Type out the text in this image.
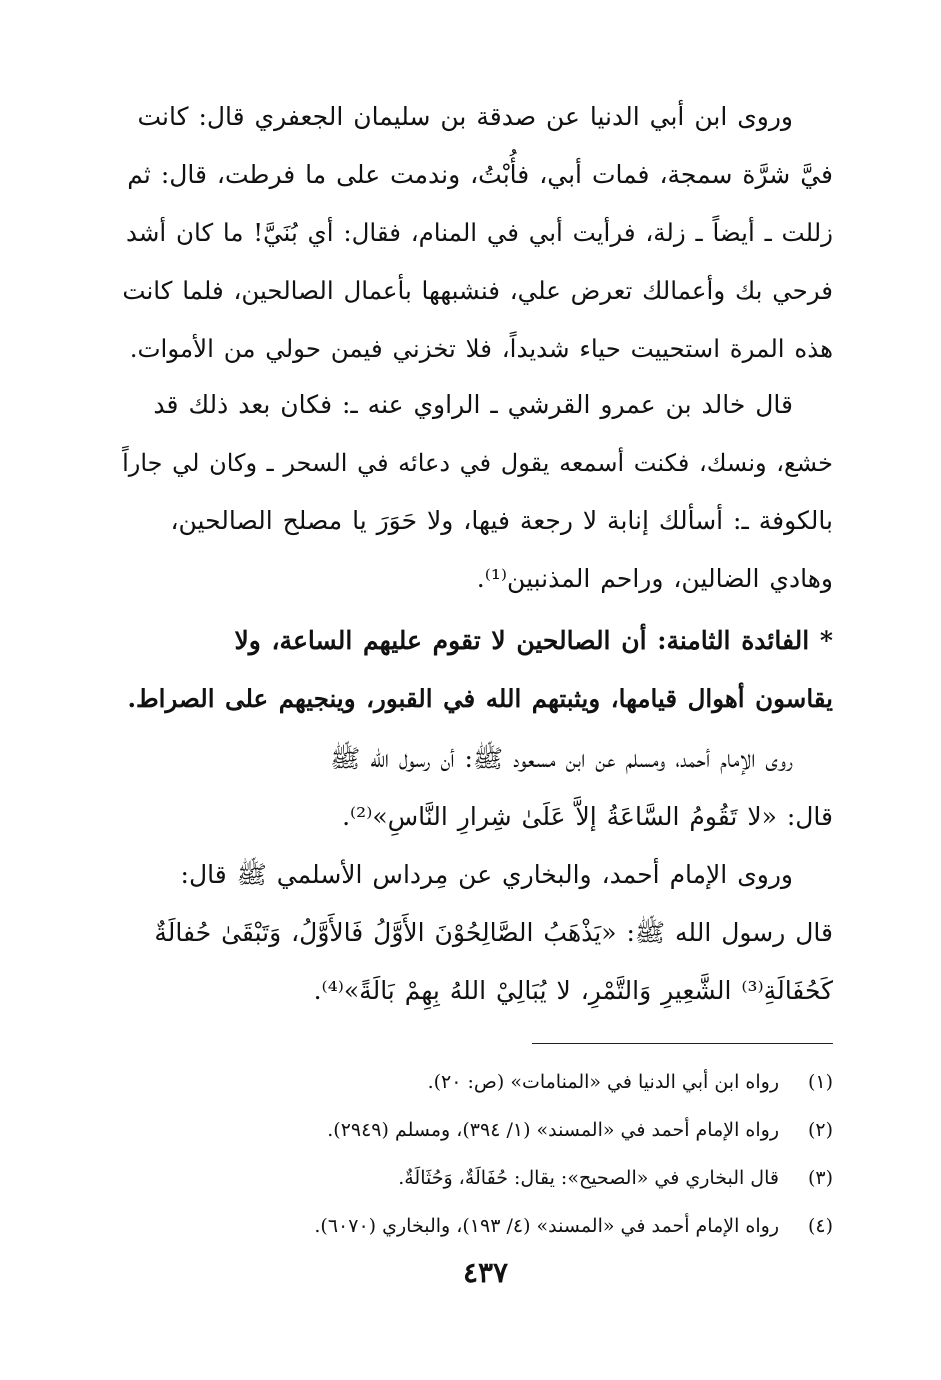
وروى ابن أبي الدنيا عن صدقة بن سليمان الجعفري قال: كانت
فيَّ شرَّة سمجة، فمات أبي، فأُبْتُ، وندمت على ما فرطت، قال: ثم
زللت ـ أيضاً ـ زلة، فرأيت أبي في المنام، فقال: أي بُنَيَّ! ما كان أشد
فرحي بك وأعمالك تعرض علي، فنشبهها بأعمال الصالحين، فلما كانت
هذه المرة استحييت حياء شديداً، فلا تخزني فيمن حولي من الأموات.

قال خالد بن عمرو القرشي ـ الراوي عنه ـ: فكان بعد ذلك قد
خشع، ونسك، فكنت أسمعه يقول في دعائه في السحر ـ وكان لي جاراً
بالكوفة ـ: أسألك إنابة لا رجعة فيها، ولا حَوَرَ يا مصلح الصالحين،
وهادي الضالين، وراحم المذنبين⁽¹⁾.

* الفائدة الثامنة: أن الصالحين لا تقوم عليهم الساعة، ولا
يقاسون أهوال قيامها، ويثبتهم الله في القبور، وينجيهم على الصراط.

روى الإمام أحمد، ومسلم عن ابن مسعود ﷺ: أن رسول الله ﷺ
قال: «لا تَقُومُ السَّاعَةُ إلاَّ عَلَىٰ شِرارِ النَّاسِ»⁽²⁾.

وروى الإمام أحمد، والبخاري عن مِرداس الأسلمي ﷺ قال:
قال رسول الله ﷺ: «يَذْهَبُ الصَّالِحُوْنَ الأَوَّلُ فَالأَوَّلُ، وَتَبْقَىٰ حُفالَةٌ
كَحُفَالَةِ⁽³⁾ الشَّعِيرِ وَالتَّمْرِ، لا يُبَالِيْ اللهُ بِهِمْ بَالَةً»⁽⁴⁾.

(١)رواه ابن أبي الدنيا في «المنامات» (ص: ٢٠).

(٢)رواه الإمام أحمد في «المسند» (١/ ٣٩٤)، ومسلم (٢٩٤٩).

(٣)قال البخاري في «الصحيح»: يقال: حُفَالَةٌ، وَحُثَالَةٌ.

(٤)رواه الإمام أحمد في «المسند» (٤/ ١٩٣)، والبخاري (٦٠٧٠).

٤٣٧
